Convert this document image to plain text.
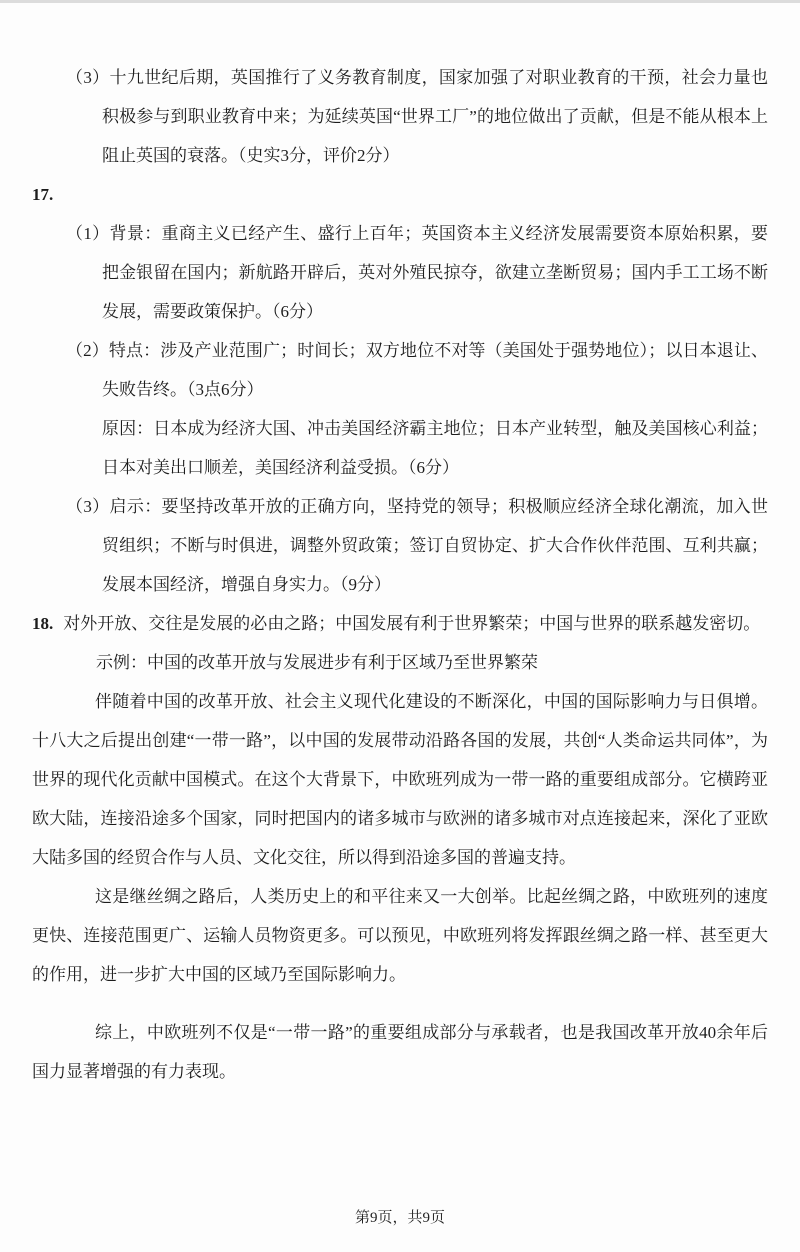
（3）十九世纪后期，英国推行了义务教育制度，国家加强了对职业教育的干预，社会力量也积极参与到职业教育中来；为延续英国“世界工厂”的地位做出了贡献，但是不能从根本上阻止英国的衰落。（史实3分，评价2分）
17.
（1）背景：重商主义已经产生、盛行上百年；英国资本主义经济发展需要资本原始积累，要把金银留在国内；新航路开辟后，英对外殖民掠夺，欲建立垄断贸易；国内手工工场不断发展，需要政策保护。（6分）
（2）特点：涉及产业范围广；时间长；双方地位不对等（美国处于强势地位）；以日本退让、失败告终。（3点6分）
原因：日本成为经济大国、冲击美国经济霸主地位；日本产业转型，触及美国核心利益；日本对美出口顺差，美国经济利益受损。（6分）
（3）启示：要坚持改革开放的正确方向，坚持党的领导；积极顺应经济全球化潮流，加入世贸组织；不断与时俱进，调整外贸政策；签订自贸协定、扩大合作伙伴范围、互利共赢；发展本国经济，增强自身实力。（9分）
18. 对外开放、交往是发展的必由之路；中国发展有利于世界繁荣；中国与世界的联系越发密切。
示例：中国的改革开放与发展进步有利于区域乃至世界繁荣
伴随着中国的改革开放、社会主义现代化建设的不断深化，中国的国际影响力与日俱增。十八大之后提出创建“一带一路”，以中国的发展带动沿路各国的发展，共创“人类命运共同体”，为世界的现代化贡献中国模式。在这个大背景下，中欧班列成为一带一路的重要组成部分。它横跨亚欧大陆，连接沿途多个国家，同时把国内的诸多城市与欧洲的诸多城市对点连接起来，深化了亚欧大陆多国的经贸合作与人员、文化交往，所以得到沿途多国的普遍支持。
这是继丝绸之路后，人类历史上的和平往来又一大创举。比起丝绸之路，中欧班列的速度更快、连接范围更广、运输人员物资更多。可以预见，中欧班列将发挥跟丝绸之路一样、甚至更大的作用，进一步扩大中国的区域乃至国际影响力。
综上，中欧班列不仅是“一带一路”的重要组成部分与承载者，也是我国改革开放40余年后国力显著增强的有力表现。
第9页，共9页
